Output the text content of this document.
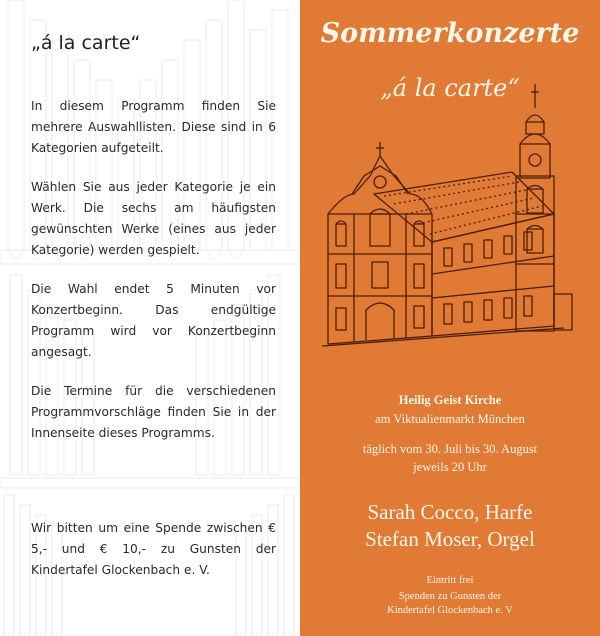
„á la carte“

In diesem Programm finden Sie mehrere Auswahllisten. Diese sind in 6 Kategorien aufgeteilt.

Wählen Sie aus jeder Kategorie je ein Werk. Die sechs am häufigsten gewünschten Werke (eines aus jeder Kategorie) werden gespielt.

Die Wahl endet 5 Minuten vor Konzertbeginn. Das endgültige Programm wird vor Konzertbeginn angesagt.

Die Termine für die verschiedenen Programmvorschläge finden Sie in der Innenseite dieses Programms.

Wir bitten um eine Spende zwischen € 5,- und € 10,- zu Gunsten der Kindertafel Glockenbach e. V.

Sommerkonzerte
„á la carte“
Heilig Geist Kirche
am Viktualienmarkt München
täglich vom 30. Juli bis 30. August
jeweils 20 Uhr
Sarah Cocco, Harfe
Stefan Moser, Orgel
Eintritt frei
Spenden zu Gunsten der
Kindertafel Glockenbach e. V
